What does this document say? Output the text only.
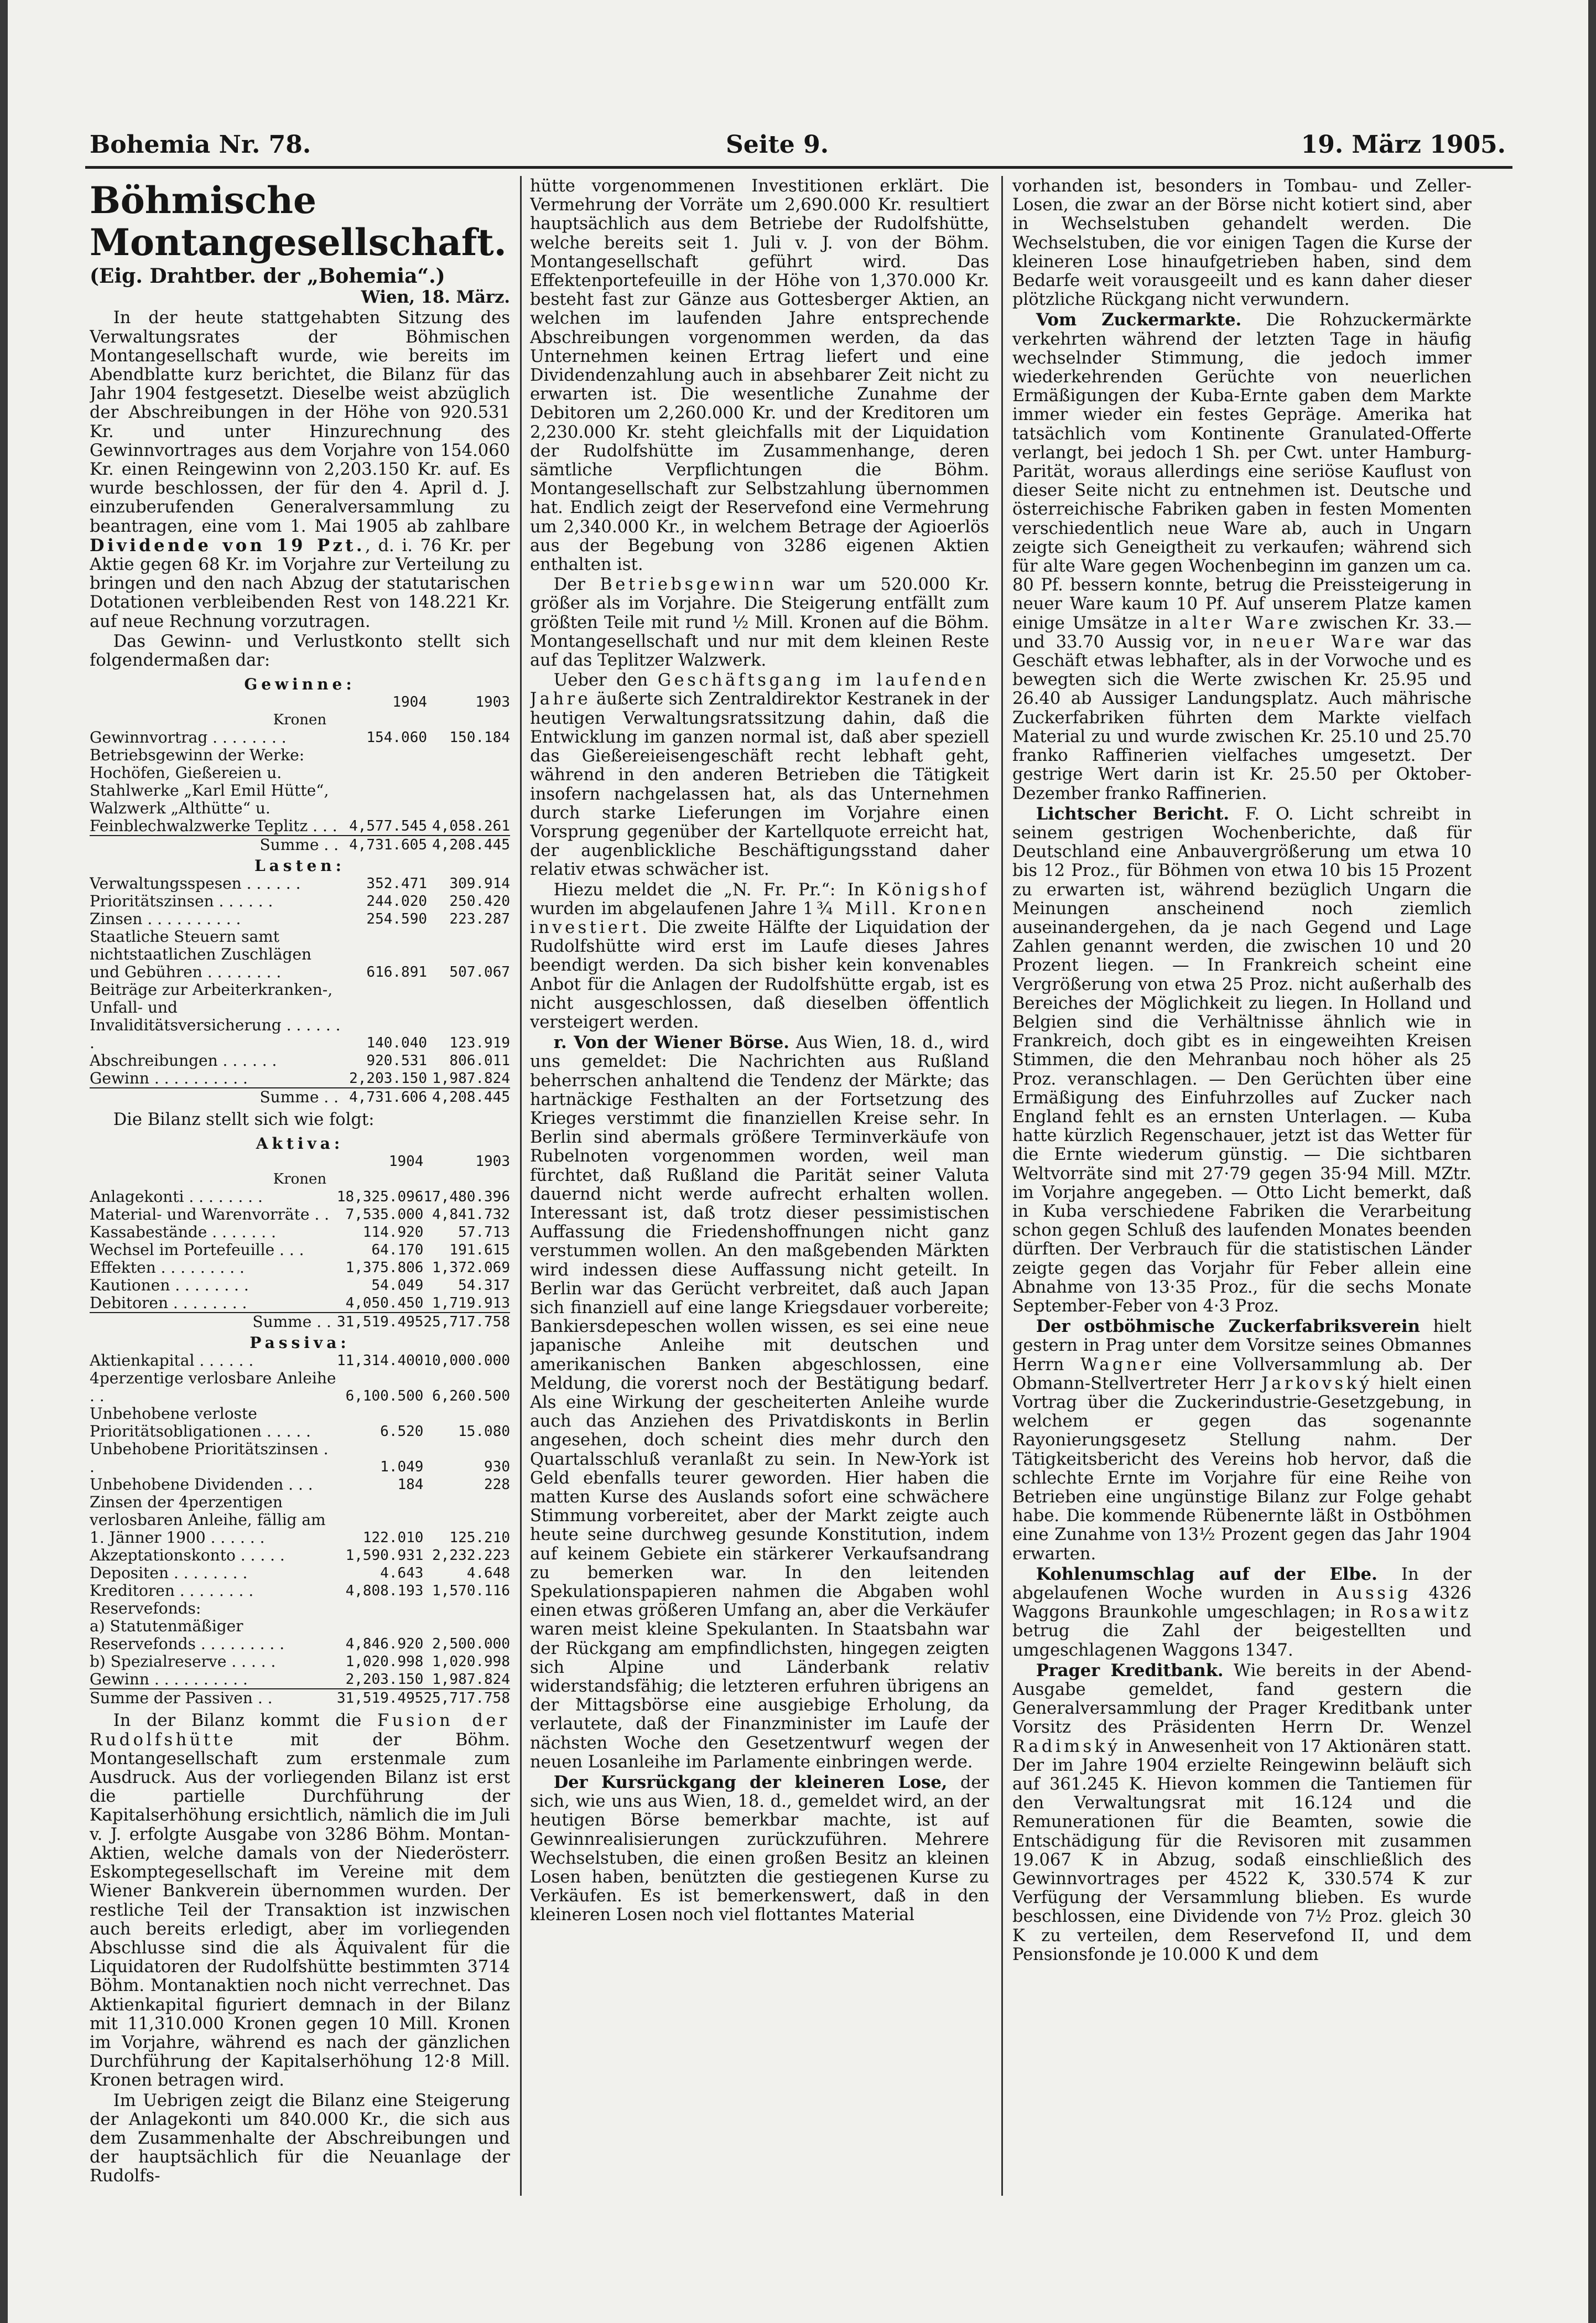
Bohemia Nr. 78.	Seite 9.	19. März 1905.
Böhmische Montangesellschaft.
(Eig. Drahtber. der „Bohemia“.)
Wien, 18. März.

In der heute stattgehabten Sitzung des Verwaltungsrates der Böhmischen Montangesellschaft wurde, wie bereits im Abendblatte kurz berichtet, die Bilanz für das Jahr 1904 festgesetzt. Dieselbe weist abzüglich der Abschreibungen in der Höhe von 920.531 Kr. und unter Hinzurechnung des Gewinnvortrages aus dem Vorjahre von 154.060 Kr. einen Reingewinn von 2,203.150 Kr. auf. Es wurde beschlossen, der für den 4. April d. J. einzuberufenden Generalversammlung zu beantragen, eine vom 1. Mai 1905 ab zahlbare Dividende von 19 Pzt., d. i. 76 Kr. per Aktie gegen 68 Kr. im Vorjahre zur Verteilung zu bringen und den nach Abzug der statutarischen Dotationen verbleibenden Rest von 148.221 Kr. auf neue Rechnung vorzutragen.

Das Gewinn- und Verlustkonto stellt sich folgendermaßen dar:

Gewinne:		
	1904	1903
Kronen		
Gewinnvortrag . . . . . . . .	154.060	150.184
Betriebsgewinn der Werke: Hochöfen, Gießereien u. Stahlwerke „Karl Emil Hütte“, Walzwerk „Althütte“ u. Feinblechwalzwerke Teplitz . . .	4,577.545	4,058.261
Summe . .	4,731.605	4,208.445
Lasten:		
Verwaltungsspesen . . . . . .	352.471	309.914
Prioritätszinsen . . . . . .	244.020	250.420
Zinsen . . . . . . . . . .	254.590	223.287
Staatliche Steuern samt nichtstaatlichen Zuschlägen und Gebühren . . . . . . . .	616.891	507.067
Beiträge zur Arbeiterkranken-, Unfall- und Invaliditätsversicherung . . . . . . .	140.040	123.919
Abschreibungen . . . . . .	920.531	806.011
Gewinn . . . . . . . . . .	2,203.150	1,987.824
Summe . .	4,731.606	4,208.445

Die Bilanz stellt sich wie folgt:

Aktiva:		
	1904	1903
Kronen		
Anlagekonti . . . . . . . .	18,325.096	17,480.396
Material- und Warenvorräte . .	7,535.000	4,841.732
Kassabestände . . . . . . .	114.920	57.713
Wechsel im Portefeuille . . .	64.170	191.615
Effekten . . . . . . . . .	1,375.806	1,372.069
Kautionen . . . . . . . .	54.049	54.317
Debitoren . . . . . . . .	4,050.450	1,719.913
Summe . .	31,519.495	25,717.758
Passiva:		
Aktienkapital . . . . . .	11,314.400	10,000.000
4perzentige verlosbare Anleihe . .	6,100.500	6,260.500
Unbehobene verloste Prioritätsobligationen . . . . .	6.520	15.080
Unbehobene Prioritätszinsen . .	1.049	930
Unbehobene Dividenden . . .	184	228
Zinsen der 4perzentigen verlosbaren Anleihe, fällig am 1. Jänner 1900 . . . . . .	122.010	125.210
Akzeptationskonto . . . . .	1,590.931	2,232.223
Depositen . . . . . . . .	4.643	4.648
Kreditoren . . . . . . . .	4,808.193	1,570.116
Reservefonds:		
a) Statutenmäßiger Reservefonds . . . . . . . . .	4,846.920	2,500.000
b) Spezialreserve . . . . .	1,020.998	1,020.998
Gewinn . . . . . . . . . .	2,203.150	1,987.824
Summe der Passiven . .	31,519.495	25,717.758

In der Bilanz kommt die Fusion der Rudolfshütte	mit der Böhm. Montangesellschaft zum erstenmale zum Ausdruck. Aus der vorliegenden Bilanz ist erst die partielle Durchführung der Kapitalserhöhung ersichtlich, nämlich die im Juli v. J. erfolgte Ausgabe von 3286 Böhm. Montan-Aktien, welche damals von der Niederösterr. Eskomptegesellschaft im Vereine mit dem Wiener Bankverein übernommen wurden. Der restliche Teil der Transaktion ist inzwischen auch bereits erledigt, aber im vorliegenden Abschlusse sind die als Äquivalent für die Liquidatoren der Rudolfshütte bestimmten 3714 Böhm. Montanaktien noch nicht verrechnet. Das Aktienkapital figuriert demnach in der Bilanz mit 11,310.000 Kronen gegen 10 Mill. Kronen im Vorjahre, während es nach der gänzlichen Durchführung der Kapitalserhöhung 12·8 Mill. Kronen betragen wird.

Im Uebrigen zeigt die Bilanz eine Steigerung der Anlagekonti um 840.000 Kr., die sich aus dem Zusammenhalte der Abschreibungen und der hauptsächlich für die Neuanlage der Rudolfs-

hütte vorgenommenen Investitionen erklärt. Die Vermehrung der Vorräte um 2,690.000 Kr. resultiert hauptsächlich aus dem Betriebe der Rudolfshütte, welche bereits seit 1. Juli v. J. von der Böhm. Montangesellschaft geführt wird. Das Effektenportefeuille in der Höhe von 1,370.000 Kr. besteht fast zur Gänze aus Gottesberger Aktien, an welchen im laufenden Jahre entsprechende Abschreibungen vorgenommen werden, da das Unternehmen keinen Ertrag liefert und eine Dividendenzahlung auch in absehbarer Zeit nicht zu erwarten ist. Die wesentliche Zunahme der Debitoren um 2,260.000 Kr. und der Kreditoren um 2,230.000 Kr. steht gleichfalls mit der Liquidation der Rudolfshütte im Zusammenhange, deren sämtliche Verpflichtungen die Böhm. Montangesellschaft zur Selbstzahlung übernommen hat. Endlich zeigt der Reservefond eine Vermehrung um 2,340.000 Kr., in welchem Betrage der Agioerlös aus der Begebung von 3286 eigenen Aktien enthalten ist.

Der Betriebsgewinn war um 520.000 Kr. größer als im Vorjahre. Die Steigerung entfällt zum größten Teile mit rund ½ Mill. Kronen auf die Böhm. Montangesellschaft und nur mit dem kleinen Reste auf das Teplitzer Walzwerk.

Ueber den Geschäftsgang im laufenden Jahre äußerte sich Zentraldirektor Kestranek in der heutigen Verwaltungsratssitzung dahin, daß die Entwicklung im ganzen normal ist, daß aber speziell das Gießereieisengeschäft recht lebhaft geht, während in den anderen Betrieben die Tätigkeit insofern nachgelassen hat, als das Unternehmen durch starke Lieferungen im Vorjahre einen Vorsprung gegenüber der Kartellquote erreicht hat, der augenblickliche Beschäftigungsstand daher relativ etwas schwächer ist.

Hiezu meldet die „N. Fr. Pr.“: In Königshof wurden im abgelaufenen Jahre 1¾ Mill. Kronen investiert. Die zweite Hälfte der Liquidation der Rudolfshütte wird erst im Laufe dieses Jahres beendigt werden. Da sich bisher kein konvenables Anbot für die Anlagen der Rudolfshütte ergab, ist es nicht ausgeschlossen, daß dieselben öffentlich versteigert werden.

r. Von der Wiener Börse. Aus Wien, 18. d., wird uns gemeldet: Die Nachrichten aus Rußland beherrschen anhaltend die Tendenz der Märkte; das hartnäckige Festhalten an der Fortsetzung des Krieges verstimmt die finanziellen Kreise sehr. In Berlin sind abermals größere Terminverkäufe von Rubelnoten vorgenommen worden, weil man fürchtet, daß Rußland die Parität seiner Valuta dauernd nicht werde aufrecht erhalten wollen. Interessant ist, daß trotz dieser pessimistischen Auffassung die Friedenshoffnungen nicht ganz verstummen wollen. An den maßgebenden Märkten wird indessen diese Auffassung nicht geteilt. In Berlin war das Gerücht verbreitet, daß auch Japan sich finanziell auf eine lange Kriegsdauer vorbereite; Bankiersdepeschen wollen wissen, es sei eine neue japanische Anleihe mit deutschen und amerikanischen Banken abgeschlossen, eine Meldung, die vorerst noch der Bestätigung bedarf. Als eine Wirkung der gescheiterten Anleihe wurde auch das Anziehen des Privatdiskonts in Berlin angesehen, doch scheint dies mehr durch den Quartalsschluß veranlaßt zu sein. In New-York ist Geld ebenfalls teurer geworden. Hier haben die matten Kurse des Auslands sofort eine schwächere Stimmung vorbereitet, aber der Markt zeigte auch heute seine durchweg gesunde Konstitution, indem auf keinem Gebiete ein stärkerer Verkaufsandrang zu bemerken war. In den leitenden Spekulationspapieren nahmen die Abgaben wohl einen etwas größeren Umfang an, aber die Verkäufer waren meist kleine Spekulanten. In Staatsbahn war der Rückgang am empfindlichsten, hingegen zeigten sich Alpine und Länderbank relativ widerstandsfähig; die letzteren erfuhren übrigens an der Mittagsbörse eine ausgiebige Erholung, da verlautete, daß der Finanzminister im Laufe der nächsten Woche den Gesetzentwurf wegen der neuen Losanleihe im Parlamente einbringen werde.

Der Kursrückgang der kleineren Lose, der sich, wie uns aus Wien, 18. d., gemeldet wird, an der heutigen Börse bemerkbar machte, ist auf Gewinnrealisierungen zurückzuführen. Mehrere Wechselstuben, die einen großen Besitz an kleinen Losen haben, benützten die gestiegenen Kurse zu Verkäufen. Es ist bemerkenswert, daß in den kleineren Losen noch viel flottantes Material

vorhanden ist, besonders in Tombau- und Zeller-Losen, die zwar an der Börse nicht kotiert sind, aber in Wechselstuben gehandelt werden. Die Wechselstuben, die vor einigen Tagen die Kurse der kleineren Lose hinaufgetrieben haben, sind dem Bedarfe weit vorausgeeilt und es kann daher dieser plötzliche Rückgang nicht verwundern.

Vom Zuckermarkte. Die Rohzuckermärkte verkehrten während der letzten Tage in häufig wechselnder Stimmung, die jedoch immer wiederkehrenden Gerüchte von neuerlichen Ermäßigungen der Kuba-Ernte gaben dem Markte immer wieder ein festes Gepräge. Amerika hat tatsächlich vom Kontinente Granulated-Offerte verlangt, bei jedoch 1 Sh. per Cwt. unter Hamburg-Parität, woraus allerdings eine seriöse Kauflust von dieser Seite nicht zu entnehmen ist. Deutsche und österreichische Fabriken gaben in festen Momenten verschiedentlich neue Ware ab, auch in Ungarn zeigte sich Geneigtheit zu verkaufen; während sich für alte Ware gegen Wochenbeginn im ganzen um ca. 80 Pf. bessern konnte, betrug die Preissteigerung in neuer Ware kaum 10 Pf. Auf unserem Platze kamen einige Umsätze in alter Ware zwischen Kr. 33.— und 33.70 Aussig vor, in neuer Ware war das Geschäft etwas lebhafter, als in der Vorwoche und es bewegten sich die Werte zwischen Kr. 25.95 und 26.40 ab Aussiger Landungsplatz. Auch mährische Zuckerfabriken führten dem Markte vielfach Material zu und wurde zwischen Kr. 25.10 und 25.70 franko Raffinerien vielfaches umgesetzt. Der gestrige Wert darin ist Kr. 25.50 per Oktober-Dezember franko Raffinerien.

Lichtscher Bericht. F. O. Licht schreibt in seinem gestrigen Wochenberichte, daß für Deutschland eine Anbauvergrößerung um etwa 10 bis 12 Proz., für Böhmen von etwa 10 bis 15 Prozent zu erwarten ist, während bezüglich Ungarn die Meinungen anscheinend noch ziemlich auseinandergehen, da je nach Gegend und Lage Zahlen genannt werden, die zwischen 10 und 20 Prozent liegen. — In Frankreich scheint eine Vergrößerung von etwa 25 Proz. nicht außerhalb des Bereiches der Möglichkeit zu liegen. In Holland und Belgien sind die Verhältnisse ähnlich wie in Frankreich, doch gibt es in eingeweihten Kreisen Stimmen, die den Mehranbau noch höher als 25 Proz. veranschlagen. — Den Gerüchten über eine Ermäßigung des Einfuhrzolles auf Zucker nach England fehlt es an ernsten Unterlagen. — Kuba hatte kürzlich Regenschauer, jetzt ist das Wetter für die Ernte wiederum günstig. — Die sichtbaren Weltvorräte sind mit 27·79 gegen 35·94 Mill. MZtr. im Vorjahre angegeben. — Otto Licht bemerkt, daß in Kuba verschiedene Fabriken die Verarbeitung schon gegen Schluß des laufenden Monates beenden dürften. Der Verbrauch für die statistischen Länder zeigte gegen das Vorjahr für Feber allein eine Abnahme von 13·35 Proz., für die sechs Monate September-Feber von 4·3 Proz.

Der ostböhmische Zuckerfabriksverein hielt gestern in Prag unter dem Vorsitze seines Obmannes Herrn Wagner eine Vollversammlung ab. Der Obmann-Stellvertreter Herr Jarkovský hielt einen Vortrag über die Zuckerindustrie-Gesetzgebung, in welchem er gegen das sogenannte Rayonierungsgesetz Stellung nahm. Der Tätigkeitsbericht des Vereins hob hervor, daß die schlechte Ernte im Vorjahre für eine Reihe von Betrieben eine ungünstige Bilanz zur Folge gehabt habe. Die kommende Rübenernte läßt in Ostböhmen eine Zunahme von 13½ Prozent gegen das Jahr 1904 erwarten.

Kohlenumschlag auf der Elbe. In der abgelaufenen Woche wurden in Aussig 4326 Waggons Braunkohle umgeschlagen; in Rosawitz betrug die Zahl der beigestellten und umgeschlagenen Waggons 1347.

Prager Kreditbank. Wie bereits in der Abend-Ausgabe gemeldet, fand gestern die Generalversammlung der Prager Kreditbank unter Vorsitz des Präsidenten Herrn Dr. Wenzel Radimský in Anwesenheit von 17 Aktionären statt. Der im Jahre 1904 erzielte Reingewinn beläuft sich auf 361.245 K. Hievon kommen die Tantiemen für den Verwaltungsrat mit 16.124 und die Remunerationen für die Beamten, sowie die Entschädigung für die Revisoren mit zusammen 19.067 K in Abzug, sodaß einschließlich des Gewinnvortrages per 4522 K, 330.574 K zur Verfügung der Versammlung blieben. Es wurde beschlossen, eine Dividende von 7½ Proz. gleich 30 K zu verteilen, dem Reservefond II, und dem Pensionsfonde je 10.000 K und dem
